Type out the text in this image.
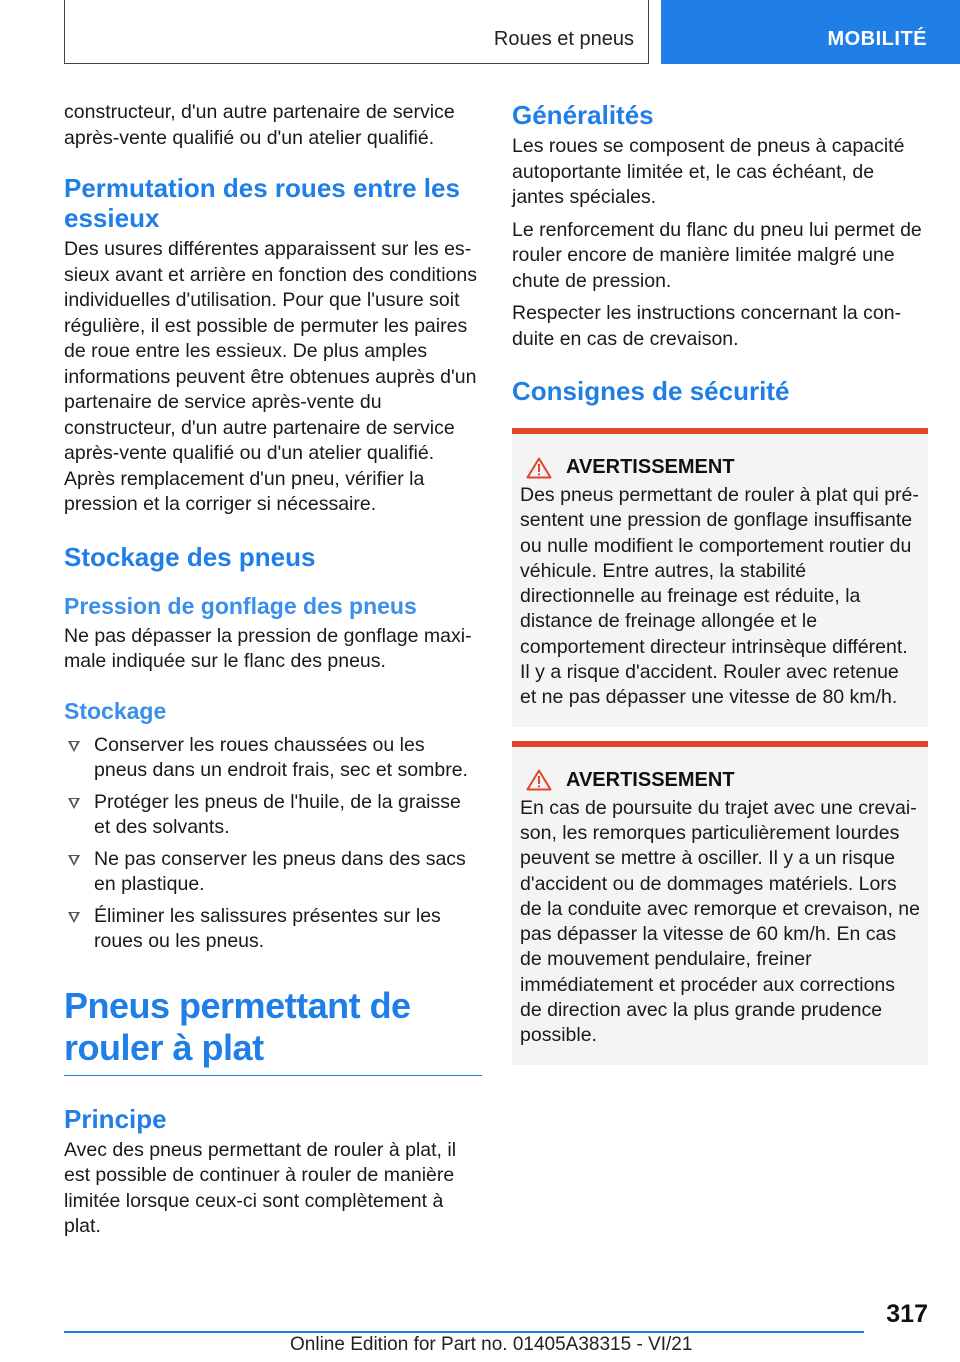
Roues et pneus	MOBILITÉ

constructeur, d'un autre partenaire de service après-vente qualifié ou d'un atelier qualifié.

Permutation des roues entre les essieux

Des usures différentes apparaissent sur les essieux avant et arrière en fonction des conditions individuelles d'utilisation. Pour que l'usure soit régulière, il est possible de permuter les paires de roue entre les essieux. De plus amples informations peuvent être obtenues auprès d'un partenaire de service après-vente du constructeur, d'un autre partenaire de service après-vente qualifié ou d'un atelier qualifié. Après remplacement d'un pneu, vérifier la pression et la corriger si nécessaire.

Stockage des pneus
Pression de gonflage des pneus

Ne pas dépasser la pression de gonflage maximale indiquée sur le flanc des pneus.

Stockage
Conserver les roues chaussées ou les pneus dans un endroit frais, sec et sombre.
Protéger les pneus de l'huile, de la graisse et des solvants.
Ne pas conserver les pneus dans des sacs en plastique.
Éliminer les salissures présentes sur les roues ou les pneus.
Pneus permettant de rouler à plat
Principe

Avec des pneus permettant de rouler à plat, il est possible de continuer à rouler de manière limitée lorsque ceux-ci sont complètement à plat.

Généralités

Les roues se composent de pneus à capacité autoportante limitée et, le cas échéant, de jantes spéciales.

Le renforcement du flanc du pneu lui permet de rouler encore de manière limitée malgré une chute de pression.

Respecter les instructions concernant la conduite en cas de crevaison.

Consignes de sécurité
AVERTISSEMENT

Des pneus permettant de rouler à plat qui présentent une pression de gonflage insuffisante ou nulle modifient le comportement routier du véhicule. Entre autres, la stabilité directionnelle au freinage est réduite, la distance de freinage allongée et le comportement directeur intrinsèque différent. Il y a risque d'accident. Rouler avec retenue et ne pas dépasser une vitesse de 80 km/h.

AVERTISSEMENT

En cas de poursuite du trajet avec une crevaison, les remorques particulièrement lourdes peuvent se mettre à osciller. Il y a un risque d'accident ou de dommages matériels. Lors de la conduite avec remorque et crevaison, ne pas dépasser la vitesse de 60 km/h. En cas de mouvement pendulaire, freiner immédiatement et procéder aux corrections de direction avec la plus grande prudence possible.

317
Online Edition for Part no. 01405A38315 - VI/21
